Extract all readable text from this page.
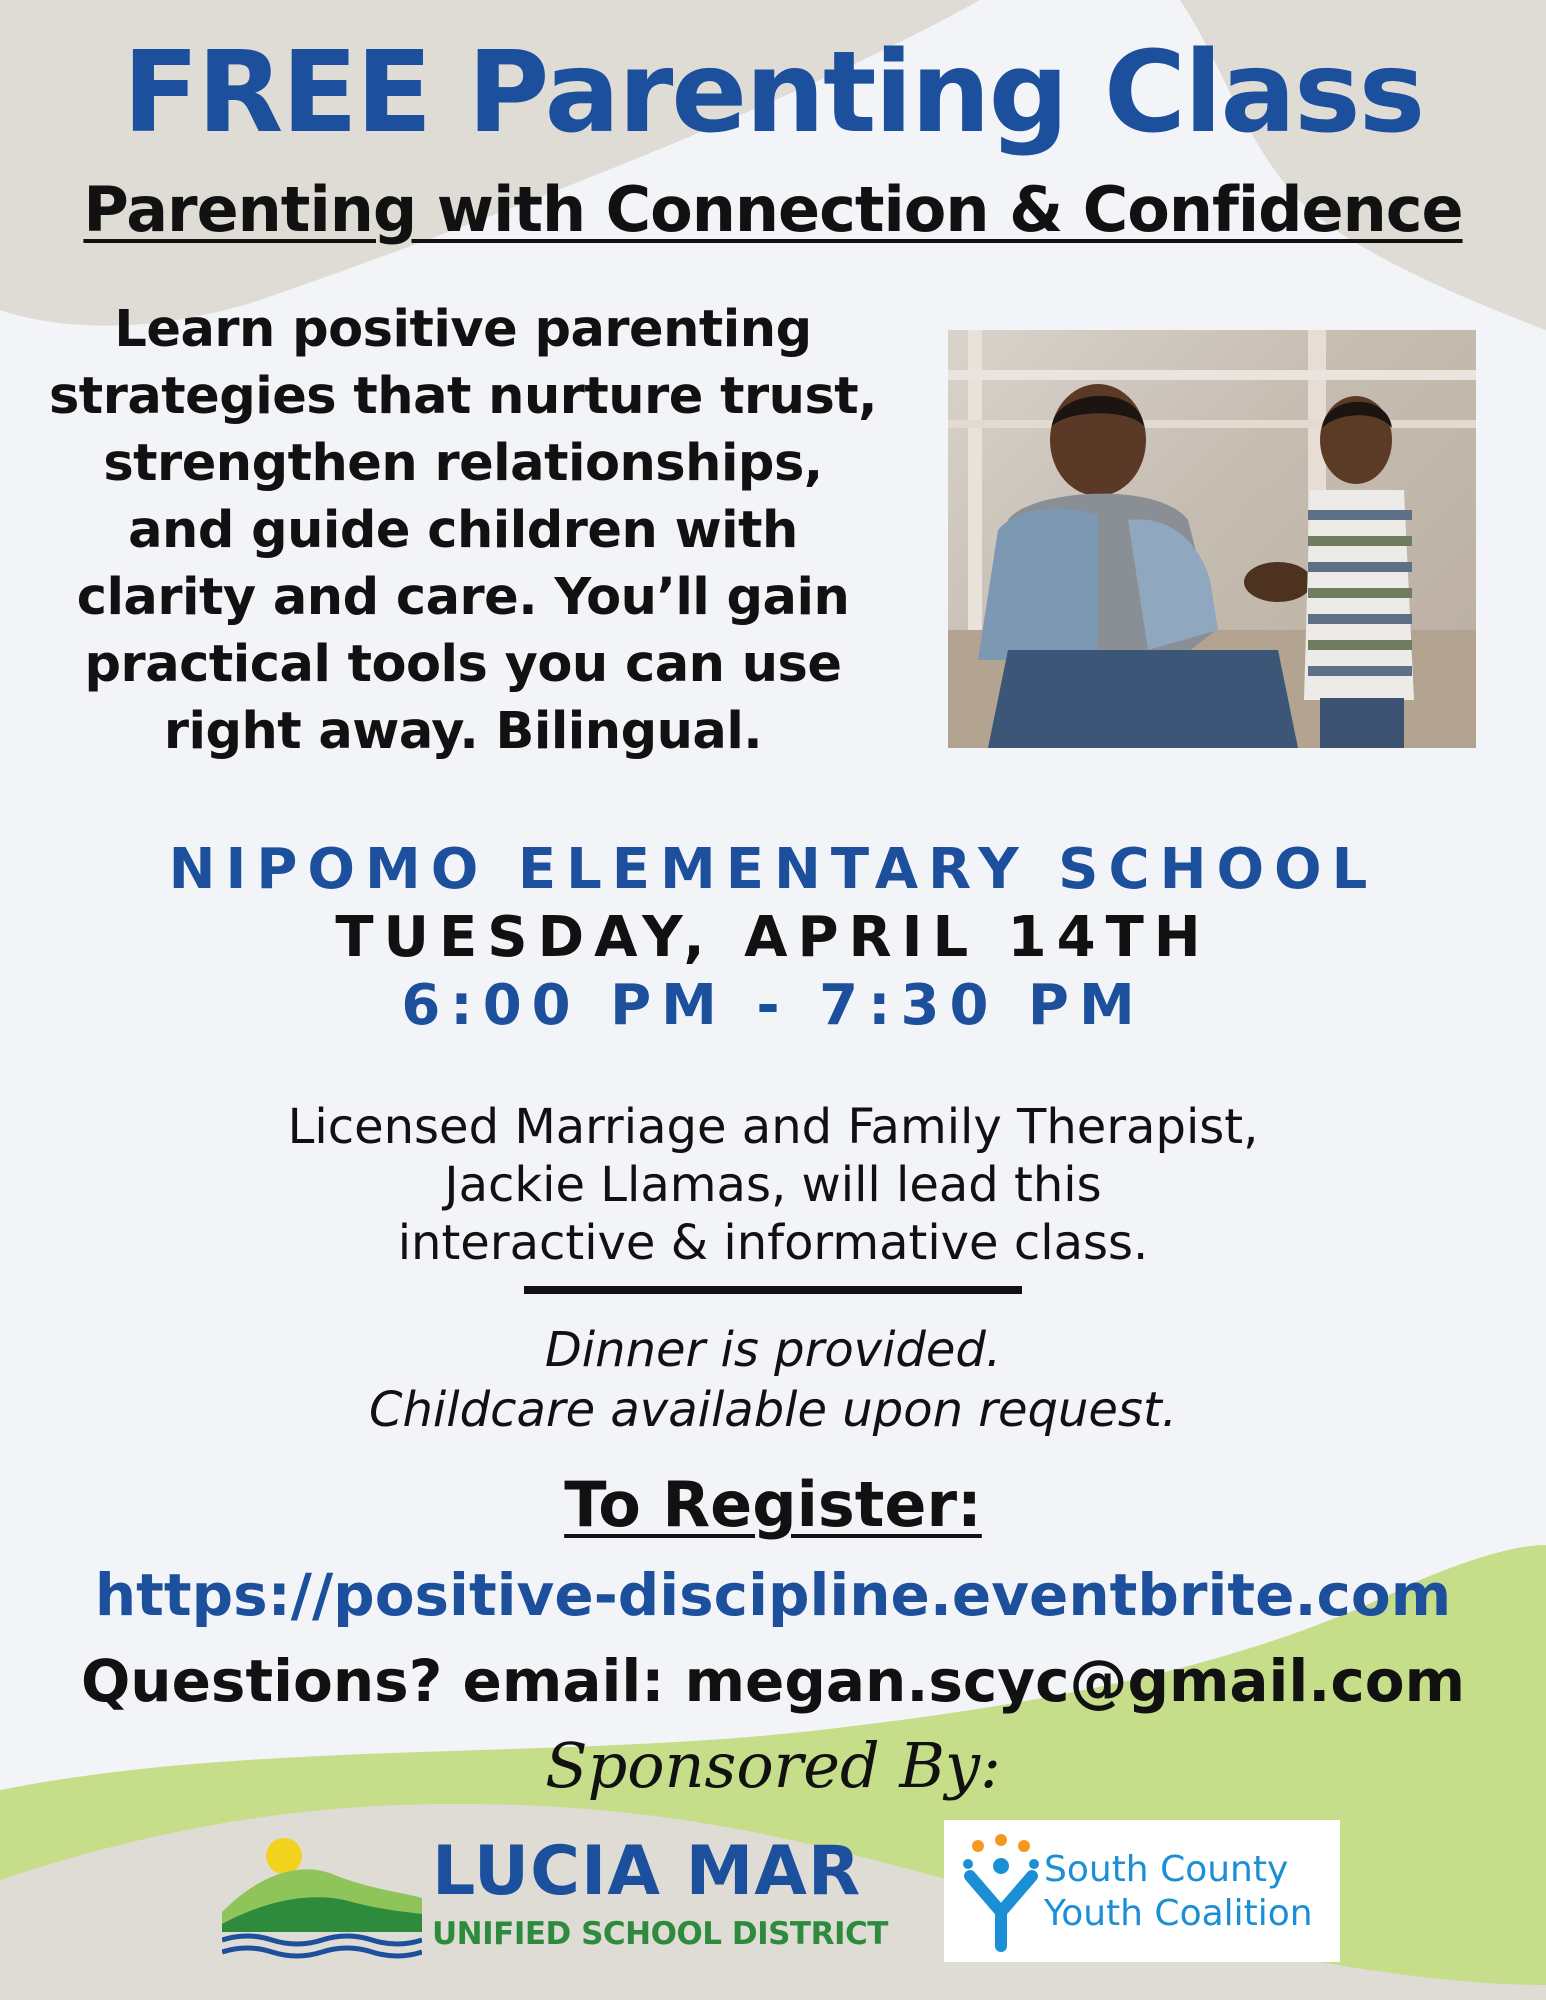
FREE Parenting Class
Parenting with Connection & Confidence
Learn positive parenting
strategies that nurture trust,
strengthen relationships,
and guide children with
clarity and care. You’ll gain
practical tools you can use
right away. Bilingual.
NIPOMO ELEMENTARY SCHOOL
TUESDAY, APRIL 14TH
6:00 PM - 7:30 PM
Licensed Marriage and Family Therapist,
Jackie Llamas, will lead this
interactive & informative class.
Dinner is provided.
Childcare available upon request.
To Register:
https://positive-discipline.eventbrite.com
Questions? email: megan.scyc@gmail.com
Sponsored By:
LUCIA MAR
UNIFIED SCHOOL DISTRICT
South County
Youth Coalition
